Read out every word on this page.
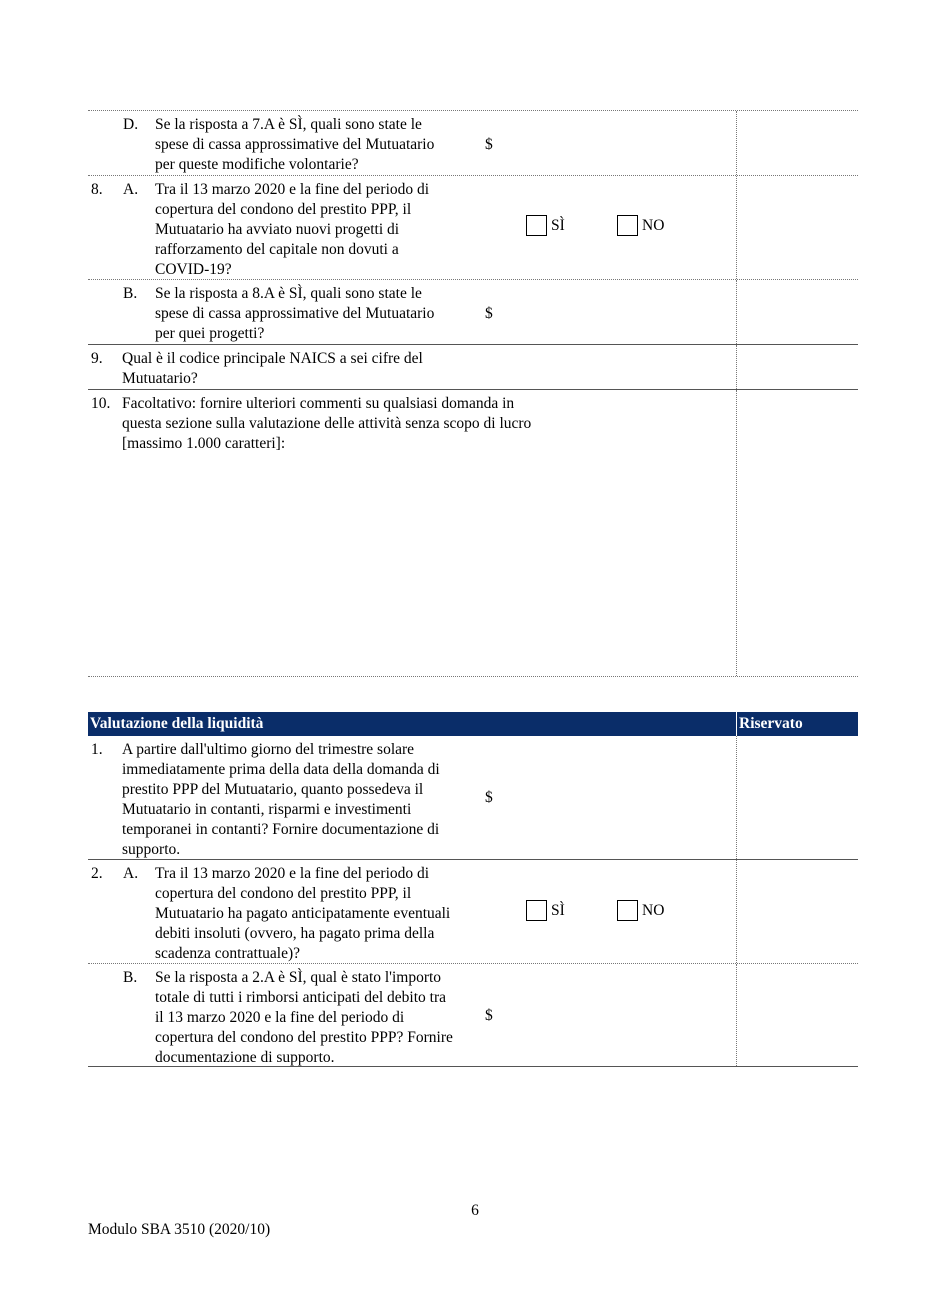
D. Se la risposta a 7.A è SÌ, quali sono state le
spese di cassa approssimative del Mutuatario
per queste modifiche volontarie?
$
8. A. Tra il 13 marzo 2020 e la fine del periodo di
copertura del condono del prestito PPP, il
Mutuatario ha avviato nuovi progetti di
rafforzamento del capitale non dovuti a
COVID-19?
SÌ	NO
B. Se la risposta a 8.A è SÌ, quali sono state le
spese di cassa approssimative del Mutuatario
per quei progetti?
$
9. Qual è il codice principale NAICS a sei cifre del
Mutuatario?
10. Facoltativo: fornire ulteriori commenti su qualsiasi domanda in
questa sezione sulla valutazione delle attività senza scopo di lucro
[massimo 1.000 caratteri]:
Valutazione della liquidità	Riservato
1. A partire dall'ultimo giorno del trimestre solare
immediatamente prima della data della domanda di
prestito PPP del Mutuatario, quanto possedeva il
Mutuatario in contanti, risparmi e investimenti
temporanei in contanti? Fornire documentazione di
supporto.
$
2. A. Tra il 13 marzo 2020 e la fine del periodo di
copertura del condono del prestito PPP, il
Mutuatario ha pagato anticipatamente eventuali
debiti insoluti (ovvero, ha pagato prima della
scadenza contrattuale)?
SÌ	NO
B. Se la risposta a 2.A è SÌ, qual è stato l'importo
totale di tutti i rimborsi anticipati del debito tra
il 13 marzo 2020 e la fine del periodo di
copertura del condono del prestito PPP? Fornire
documentazione di supporto.
$
6
Modulo SBA 3510 (2020/10)
